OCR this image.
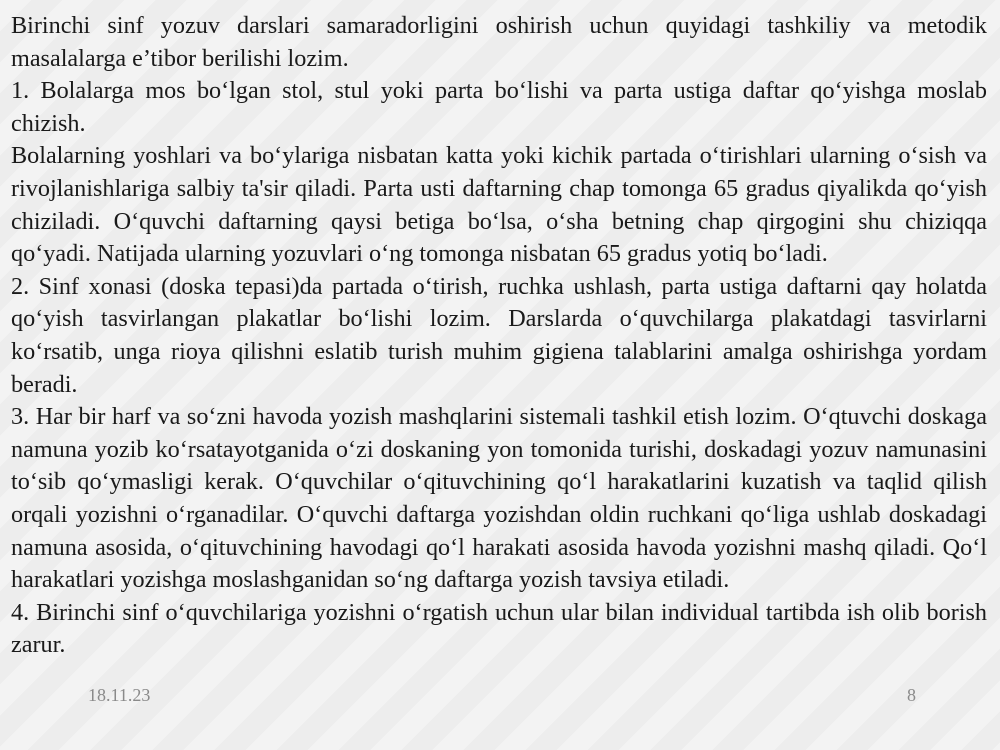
Birinchi sinf yozuv darslari samaradorligini oshirish uchun quyidagi tashkiliy va metodik masalalarga e’tibor berilishi lozim.

1. Bolalarga mos bo‘lgan stol, stul yoki parta bo‘lishi va parta ustiga daftar qo‘yishga moslab chizish.

Bolalarning yoshlari va bo‘ylariga nisbatan katta yoki kichik partada o‘tirishlari ularning o‘sish va rivojlanishlariga salbiy ta'sir qiladi. Parta usti daftarning chap tomonga 65 gradus qiyalikda qo‘yish chiziladi. O‘quvchi daftarning qaysi betiga bo‘lsa, o‘sha betning chap qirgogini shu chiziqqa qo‘yadi. Natijada ularning yozuvlari o‘ng tomonga nisbatan 65 gradus yotiq bo‘ladi.

2. Sinf xonasi (doska tepasi)da partada o‘tirish, ruchka ushlash, parta ustiga daftarni qay holatda qo‘yish tasvirlangan plakatlar bo‘lishi lozim. Darslarda o‘quvchilarga plakatdagi tasvirlarni ko‘rsatib, unga rioya qilishni eslatib turish muhim gigiena talablarini amalga oshirishga yordam beradi.

3. Har bir harf va so‘zni havoda yozish mashqlarini sistemali tashkil etish lozim. O‘qtuvchi doskaga namuna yozib ko‘rsatayotganida o‘zi doskaning yon tomonida turishi, doskadagi yozuv namunasini to‘sib qo‘ymasligi kerak. O‘quvchilar o‘qituvchining qo‘l harakatlarini kuzatish va taqlid qilish orqali yozishni o‘rganadilar. O‘quvchi daftarga yozishdan oldin ruchkani qo‘liga ushlab doskadagi namuna asosida, o‘qituvchining havodagi qo‘l harakati asosida havoda yozishni mashq qiladi. Qo‘l harakatlari yozishga moslashganidan so‘ng daftarga yozish tavsiya etiladi.

4. Birinchi sinf o‘quvchilariga yozishni o‘rgatish uchun ular bilan individual tartibda ish olib borish zarur.

18.11.23	8
